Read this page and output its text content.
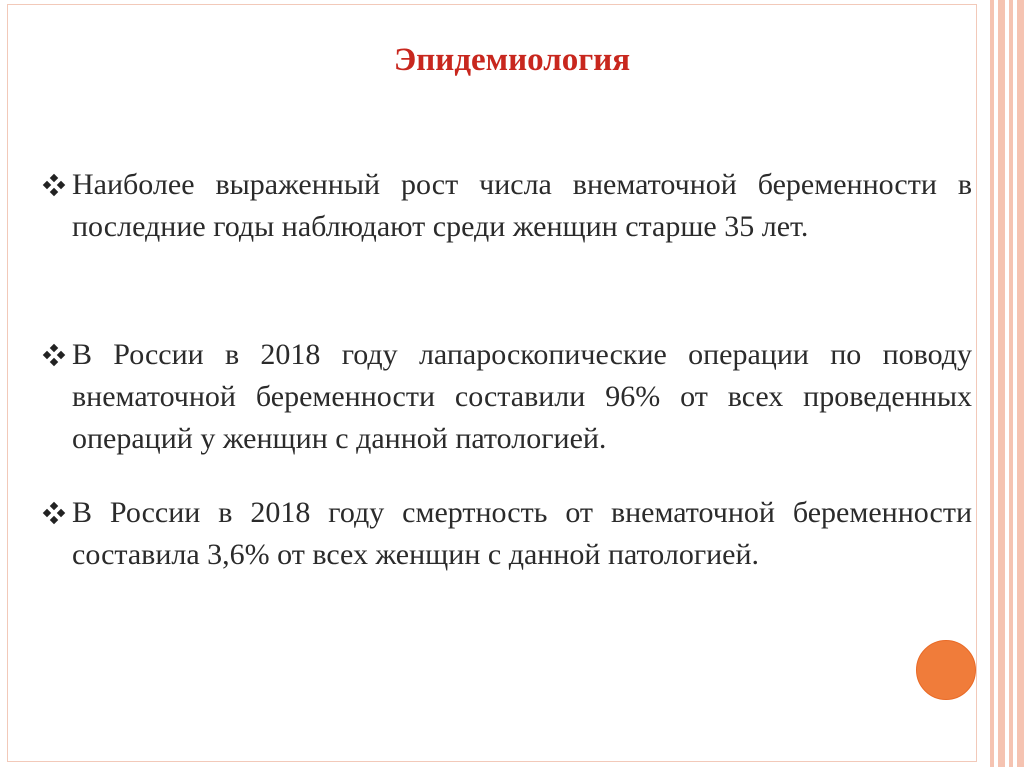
Эпидемиология
Наиболее выраженный рост числа внематочной беременности в последние годы наблюдают среди женщин старше 35 лет.
В России в 2018 году лапароскопические операции по поводу внематочной беременности составили 96% от всех проведенных операций у женщин с данной патологией.
В России в 2018 году смертность от внематочной беременности составила 3,6% от всех женщин с данной патологией.
